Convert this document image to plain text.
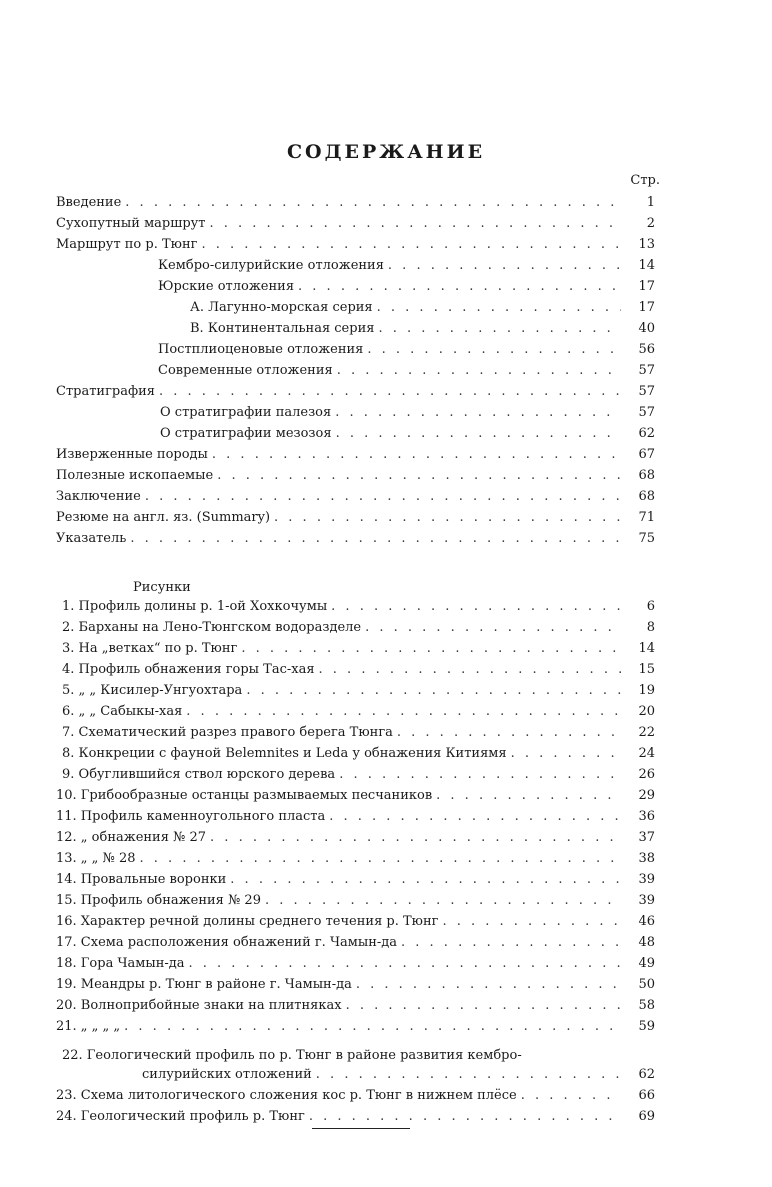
СОДЕРЖАНИЕ
Стр.
Введение . . .	1
Сухопутный маршрут . . .	2
Маршрут по р. Тюнг . . .	13
Кембро-силурийские отложения . . .	14
Юрские отложения . . .	17
А. Лагунно-морская серия . . .	17
В. Континентальная серия . . .	40
Постплиоценовые отложения . . .	56
Современные отложения . . .	57
Стратиграфия . . .	57
О стратиграфии палезоя . . .	57
О стратиграфии мезозоя . . .	62
Изверженные породы . . .	67
Полезные ископаемые . . .	68
Заключение . . .	68
Резюме на англ. яз. (Summary) . . .	71
Указатель . . .	75
Рисунки
1. Профиль долины р. 1-ой Хохкочумы . . .	6
2. Барханы на Лено-Тюнгском водоразделе . . .	8
3. На „ветках“ по р. Тюнг . . .	14
4. Профиль обнажения горы Тас-хая . . .	15
5. „ „ Кисилер-Унгуохтара . . .	19
6. „ „ Сабыкы-хая . . .	20
7. Схематический разрез правого берега Тюнга . . .	22
8. Конкреции с фауной Belemnites и Leda у обнажения Китиямя . . .	24
9. Обуглившийся ствол юрского дерева . . .	26
10. Грибообразные останцы размываемых песчаников . . .	29
11. Профиль каменноугольного пласта . . .	36
12. „ обнажения № 27 . . .	37
13. „ „ № 28 . . .	38
14. Провальные воронки . . .	39
15. Профиль обнажения № 29 . . .	39
16. Характер речной долины среднего течения р. Тюнг . . .	46
17. Схема расположения обнажений г. Чамын-да . . .	48
18. Гора Чамын-да . . .	49
19. Меандры р. Тюнг в районе г. Чамын-да . . .	50
20. Волноприбойные знаки на плитняках . . .	58
21. „ „ „ „ . . .	59
22. Геологический профиль по р. Тюнг в районе развития кембро-
силурийских отложений . . .	62
23. Схема литологического сложения кос р. Тюнг в нижнем плёсе . . .	66
24. Геологический профиль р. Тюнг . . .	69
